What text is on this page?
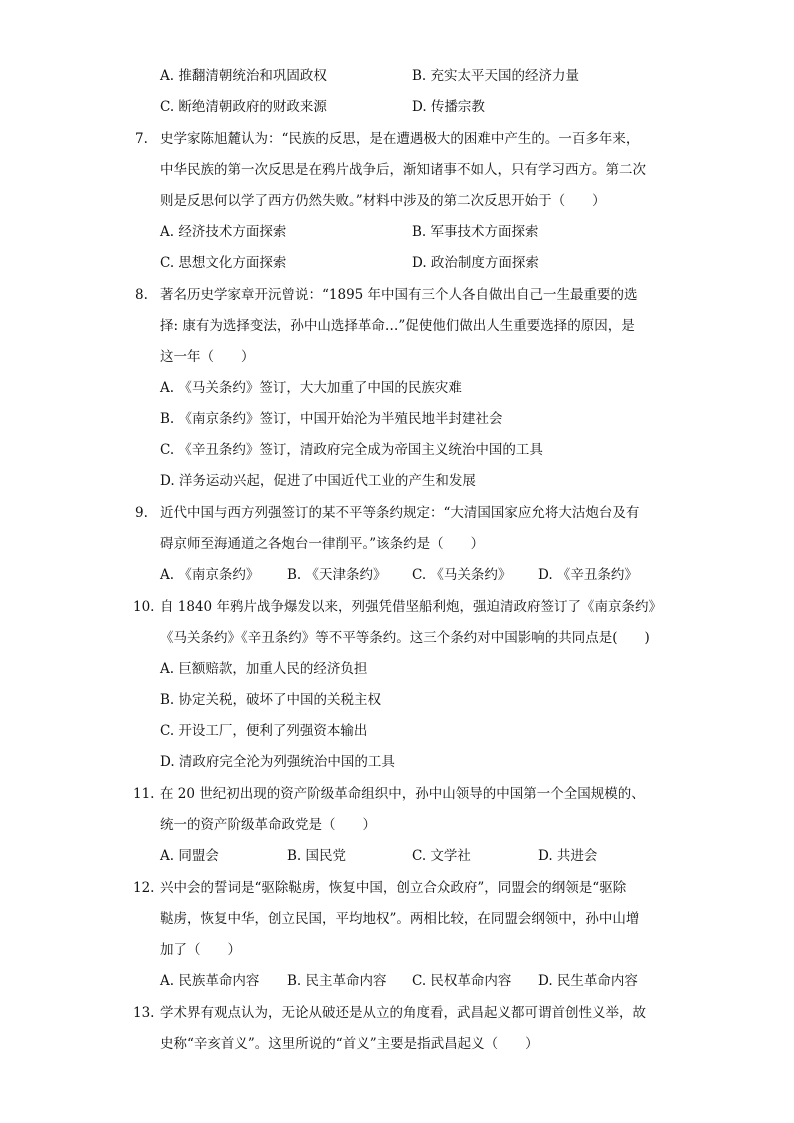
A. 推翻清朝统治和巩固政权	B. 充实太平天国的经济力量
C. 断绝清朝政府的财政来源	D. 传播宗教
7. 史学家陈旭麓认为：“民族的反思，是在遭遇极大的困难中产生的。一百多年来，
中华民族的第一次反思是在鸦片战争后，渐知诸事不如人，只有学习西方。第二次
则是反思何以学了西方仍然失败。”材料中涉及的第二次反思开始于（　　）
A. 经济技术方面探索	B. 军事技术方面探索
C. 思想文化方面探索	D. 政治制度方面探索
8. 著名历史学家章开沅曾说：“1895 年中国有三个人各自做出自己一生最重要的选
择: 康有为选择变法，孙中山选择革命…”促使他们做出人生重要选择的原因，是
这一年（　　）
A. 《马关条约》签订，大大加重了中国的民族灾难
B. 《南京条约》签订，中国开始沦为半殖民地半封建社会
C. 《辛丑条约》签订，清政府完全成为帝国主义统治中国的工具
D. 洋务运动兴起，促进了中国近代工业的产生和发展
9. 近代中国与西方列强签订的某不平等条约规定：“大清国国家应允将大沽炮台及有
碍京师至海通道之各炮台一律削平。”该条约是（　　）
A. 《南京条约》 B. 《天津条约》 C. 《马关条约》 D. 《辛丑条约》
10. 自 1840 年鸦片战争爆发以来，列强凭借坚船利炮，强迫清政府签订了《南京条约》
《马关条约》《辛丑条约》等不平等条约。这三个条约对中国影响的共同点是(　　)
A. 巨额赔款，加重人民的经济负担
B. 协定关税，破坏了中国的关税主权
C. 开设工厂，便利了列强资本输出
D. 清政府完全沦为列强统治中国的工具
11. 在 20 世纪初出现的资产阶级革命组织中，孙中山领导的中国第一个全国规模的、
统一的资产阶级革命政党是（　　）
A. 同盟会	B. 国民党	C. 文学社	D. 共进会
12. 兴中会的誓词是“驱除鞑虏，恢复中国，创立合众政府”，同盟会的纲领是“驱除
鞑虏，恢复中华，创立民国，平均地权”。两相比较，在同盟会纲领中，孙中山增
加了（　　）
A. 民族革命内容 B. 民主革命内容 C. 民权革命内容 D. 民生革命内容
13. 学术界有观点认为，无论从破还是从立的角度看，武昌起义都可谓首创性义举，故
史称“辛亥首义”。这里所说的“首义”主要是指武昌起义（　　）
